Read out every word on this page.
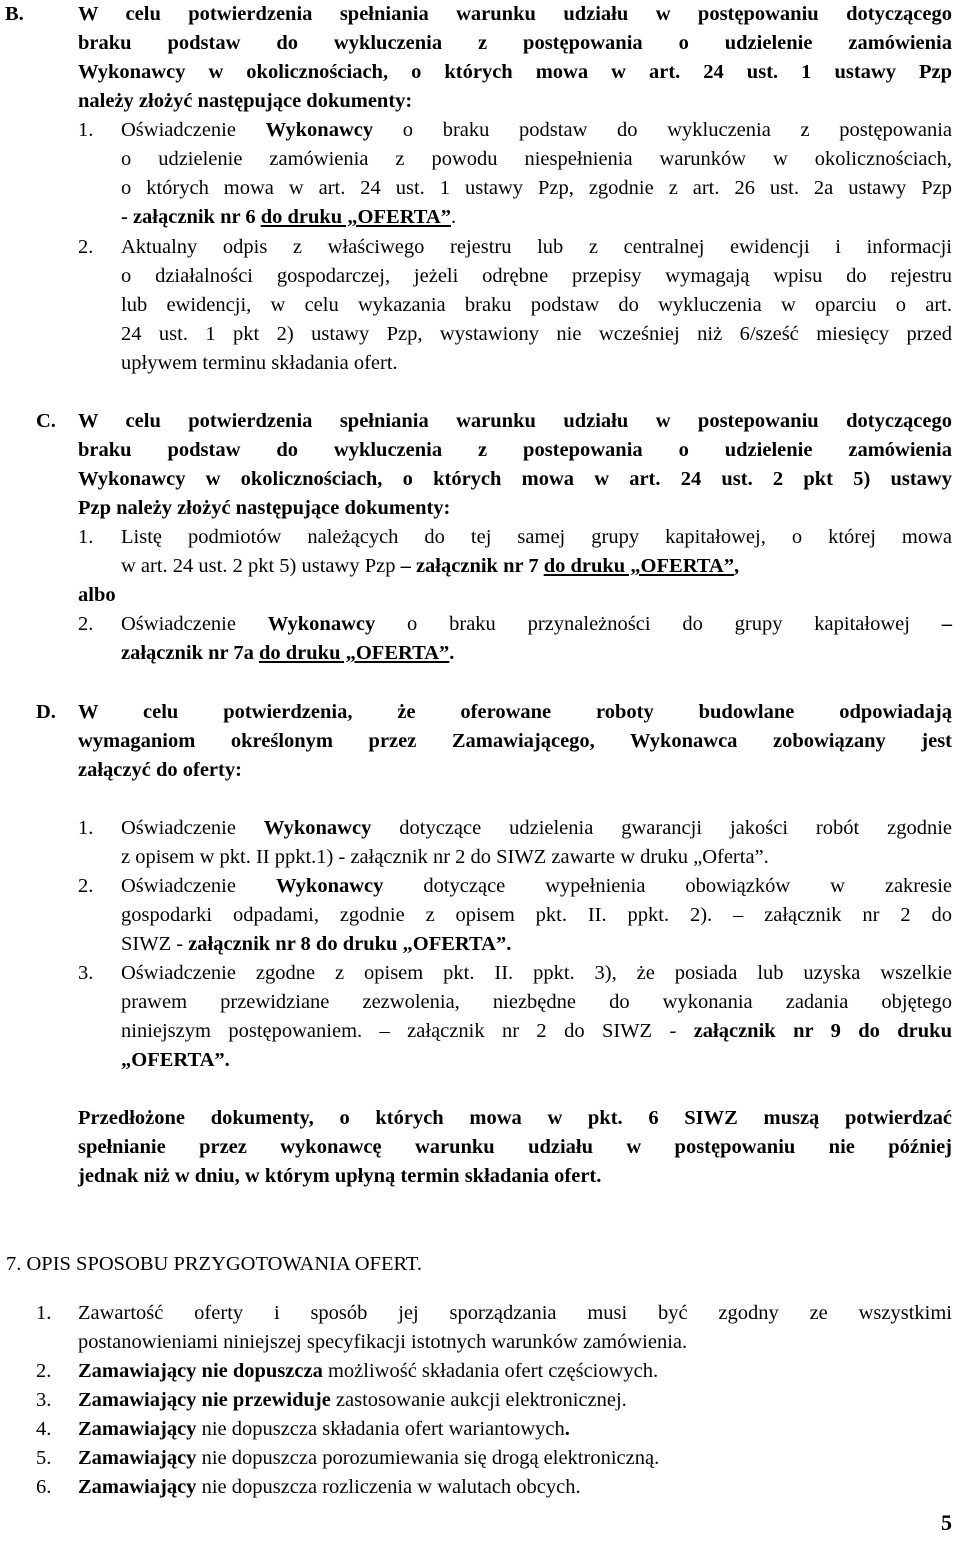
B.	W celu potwierdzenia spełniania warunku udziału w postępowaniu dotyczącego
braku podstaw do wykluczenia z postępowania o udzielenie zamówienia
Wykonawcy w okolicznościach, o których mowa w art. 24 ust. 1 ustawy Pzp
należy złożyć następujące dokumenty:
1. Oświadczenie Wykonawcy o braku podstaw do wykluczenia z postępowania
o udzielenie zamówienia z powodu niespełnienia warunków w okolicznościach,
o których mowa w art. 24 ust. 1 ustawy Pzp, zgodnie z art. 26 ust. 2a ustawy Pzp
- załącznik nr 6 do druku „OFERTA”.
2. Aktualny odpis z właściwego rejestru lub z centralnej ewidencji i informacji
o działalności gospodarczej, jeżeli odrębne przepisy wymagają wpisu do rejestru
lub ewidencji, w celu wykazania braku podstaw do wykluczenia w oparciu o art.
24 ust. 1 pkt 2) ustawy Pzp, wystawiony nie wcześniej niż 6/sześć miesięcy przed
upływem terminu składania ofert.
C. W celu potwierdzenia spełniania warunku udziału w postepowaniu dotyczącego
braku podstaw do wykluczenia z postepowania o udzielenie zamówienia
Wykonawcy w okolicznościach, o których mowa w art. 24 ust. 2 pkt 5) ustawy
Pzp należy złożyć następujące dokumenty:
1. Listę podmiotów należących do tej samej grupy kapitałowej, o której mowa
w art. 24 ust. 2 pkt 5) ustawy Pzp – załącznik nr 7 do druku „OFERTA”,
albo
2. Oświadczenie Wykonawcy o braku przynależności do grupy kapitałowej –
załącznik nr 7a do druku „OFERTA”.
D. W celu potwierdzenia, że oferowane roboty budowlane odpowiadają
wymaganiom określonym przez Zamawiającego, Wykonawca zobowiązany jest
załączyć do oferty:
1. Oświadczenie Wykonawcy dotyczące udzielenia gwarancji jakości robót zgodnie
z opisem w pkt. II ppkt.1) - załącznik nr 2 do SIWZ zawarte w druku „Oferta”.
2. Oświadczenie Wykonawcy dotyczące wypełnienia obowiązków w zakresie
gospodarki odpadami, zgodnie z opisem pkt. II. ppkt. 2). – załącznik nr 2 do
SIWZ - załącznik nr 8 do druku „OFERTA”.
3. Oświadczenie zgodne z opisem pkt. II. ppkt. 3), że posiada lub uzyska wszelkie
prawem przewidziane zezwolenia, niezbędne do wykonania zadania objętego
niniejszym postępowaniem. – załącznik nr 2 do SIWZ - załącznik nr 9 do druku
„OFERTA”.
Przedłożone dokumenty, o których mowa w pkt. 6 SIWZ muszą potwierdzać
spełnianie przez wykonawcę warunku udziału w postępowaniu nie później
jednak niż w dniu, w którym upłyną termin składania ofert.
7. OPIS SPOSOBU PRZYGOTOWANIA OFERT.
1. Zawartość oferty i sposób jej sporządzania musi być zgodny ze wszystkimi
postanowieniami niniejszej specyfikacji istotnych warunków zamówienia.
2. Zamawiający nie dopuszcza możliwość składania ofert częściowych.
3. Zamawiający nie przewiduje zastosowanie aukcji elektronicznej.
4. Zamawiający nie dopuszcza składania ofert wariantowych.
5. Zamawiający nie dopuszcza porozumiewania się drogą elektroniczną.
6. Zamawiający nie dopuszcza rozliczenia w walutach obcych.
5
